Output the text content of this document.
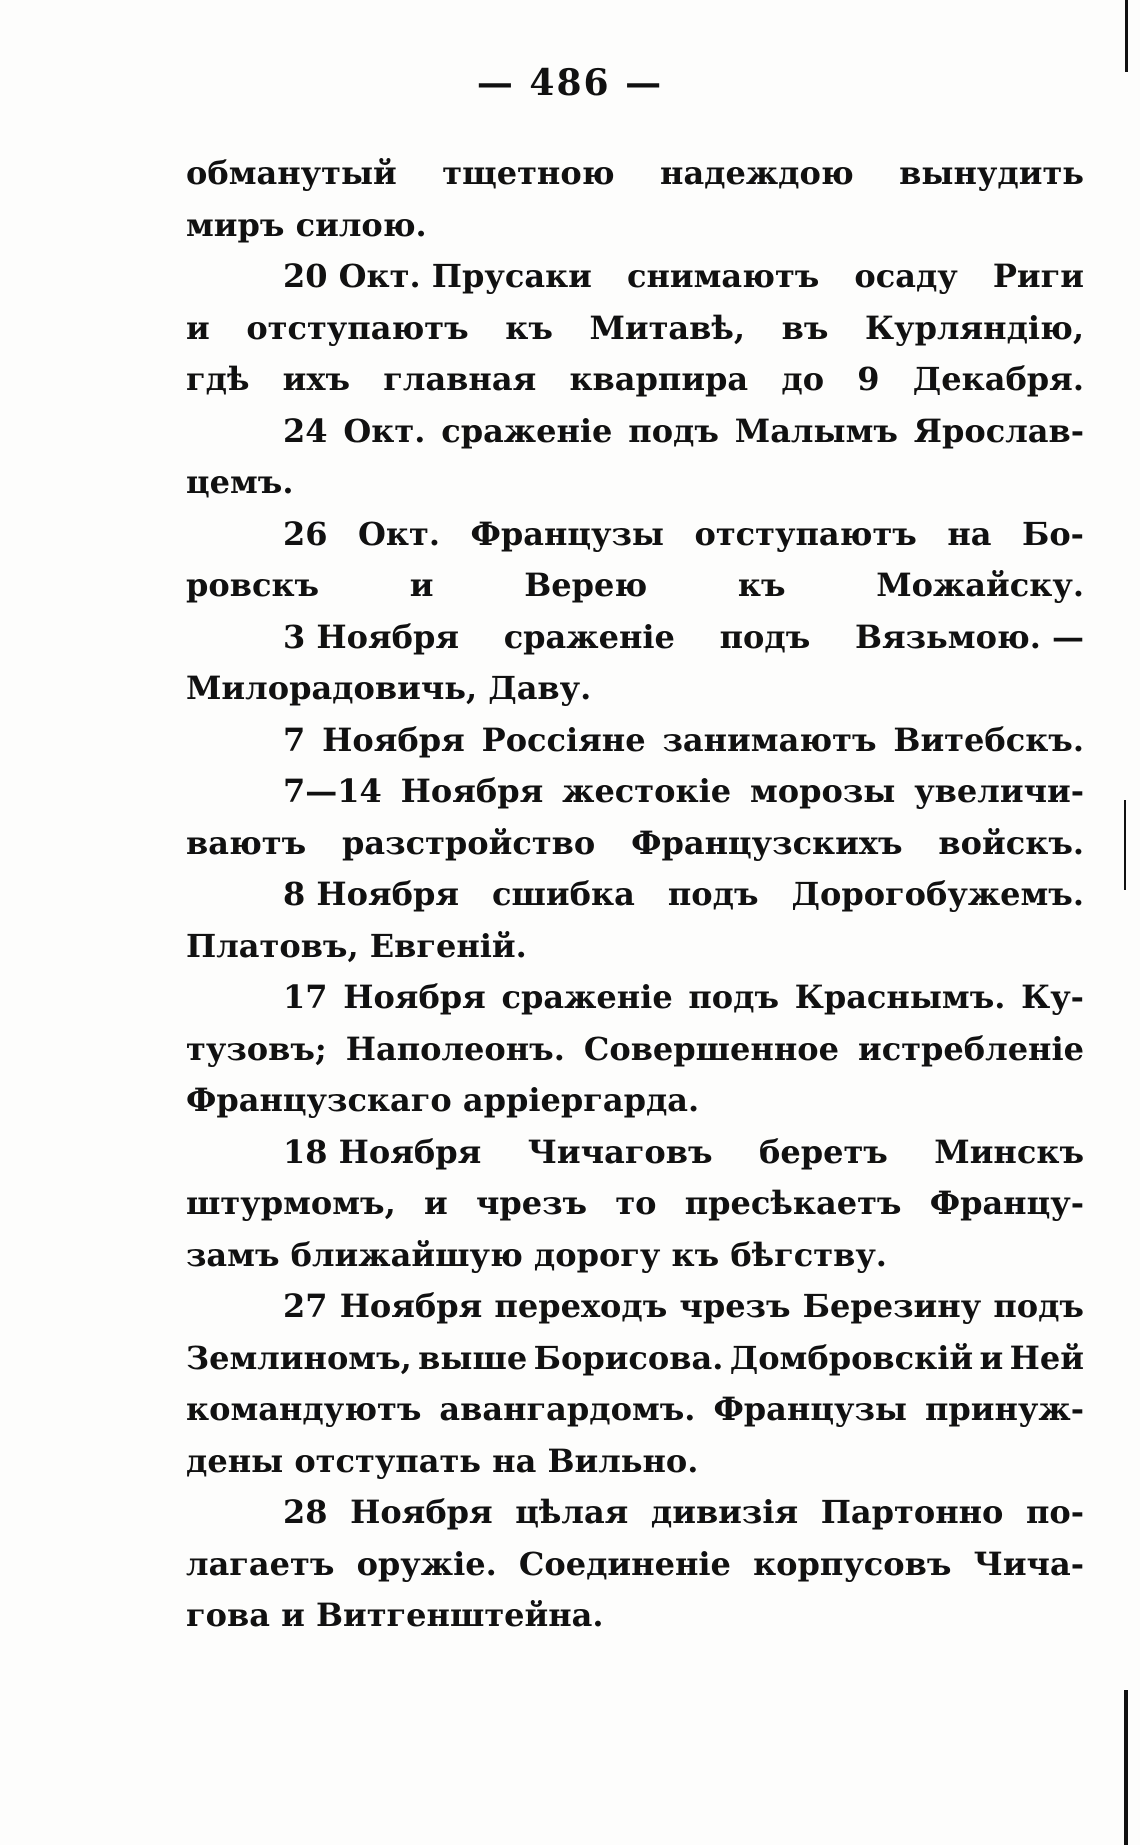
— 486 —
обманутый тщетною надеждою вынудить
миръ силою.
20 Окт. Прусаки снимаютъ осаду Риги
и отступаютъ къ Митавѣ, въ Курляндію,
гдѣ ихъ главная кварпира до 9 Декабря.
24 Окт. сраженіе подъ Малымъ Ярослав-
цемъ.
26 Окт. Французы отступаютъ на Бо-
ровскъ	и	Верею	къ	Можайску.
3 Ноября сраженіе подъ Вязьмою. —
Милорадовичь, Даву.
7 Ноября Россіяне занимаютъ Витебскъ.
7—14 Ноября жестокіе морозы увеличи-
ваютъ разстройство Французскихъ войскъ.
8 Ноября сшибка подъ Дорогобужемъ.
Платовъ, Евгеній.
17 Ноября сраженіе подъ Краснымъ. Ку-
тузовъ; Наполеонъ. Совершенное истребленіе
Французскаго арріергарда.
18 Ноября Чичаговъ беретъ Минскъ
штурмомъ, и чрезъ то пресѣкаетъ Францу-
замъ ближайшую дорогу къ бѣгству.
27 Ноября переходъ чрезъ Березину подъ
Землиномъ, выше Борисова. Домбровскій и Ней
командуютъ авангардомъ. Французы принуж-
дены отступать на Вильно.
28 Ноября цѣлая дивизія Партонно по-
лагаетъ оружіе. Соединеніе корпусовъ Чича-
гова и Витгенштейна.
